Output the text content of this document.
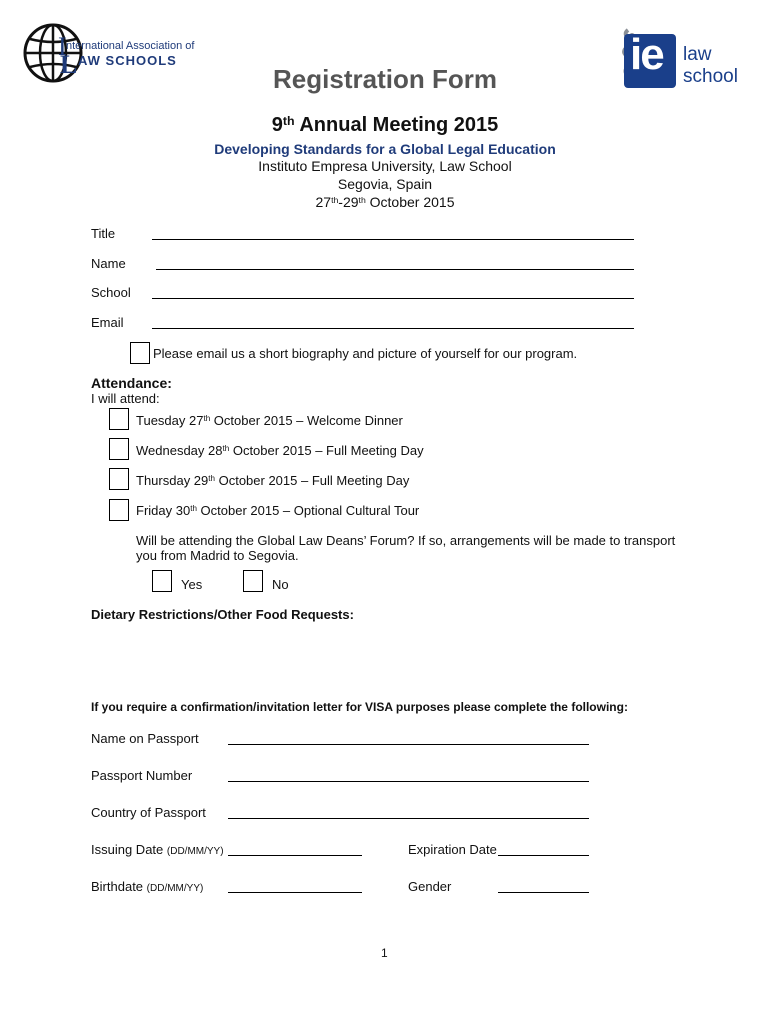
I nternational Association of
L AW SCHOOLS	ie law
school
Registration Form
9th Annual Meeting 2015
Developing Standards for a Global Legal Education
Instituto Empresa University, Law School
Segovia, Spain
27th-29th October 2015
Title
Name
School
Email
Please email us a short biography and picture of yourself for our program.
Attendance:
I will attend:
Tuesday 27th October 2015 – Welcome Dinner
Wednesday 28th October 2015 – Full Meeting Day
Thursday 29th October 2015 – Full Meeting Day
Friday 30th October 2015 – Optional Cultural Tour
Will be attending the Global Law Deans’ Forum? If so, arrangements will be made to transport
you from Madrid to Segovia.
Yes	No
Dietary Restrictions/Other Food Requests:
If you require a confirmation/invitation letter for VISA purposes please complete the following:
Name on Passport
Passport Number
Country of Passport
Issuing Date (DD/MM/YY)	Expiration Date
Birthdate (DD/MM/YY)	Gender
1
